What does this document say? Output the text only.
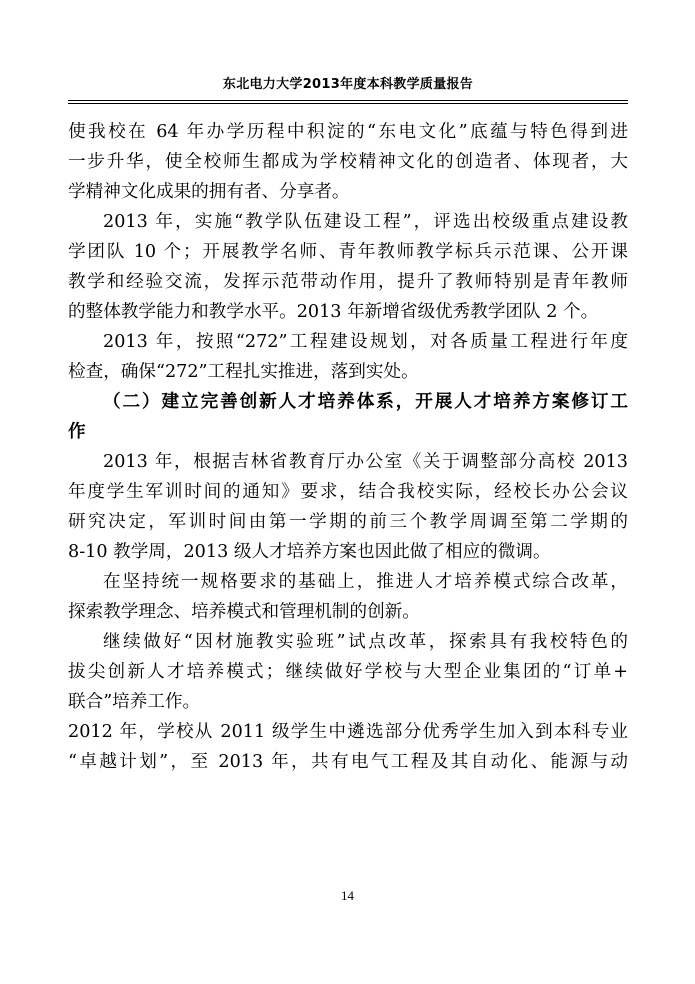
东北电力大学2013年度本科教学质量报告
使我校在 64 年办学历程中积淀的“东电文化”底蕴与特色得到进
一步升华，使全校师生都成为学校精神文化的创造者、体现者，大
学精神文化成果的拥有者、分享者。
2013 年，实施“教学队伍建设工程”，评选出校级重点建设教
学团队 10 个；开展教学名师、青年教师教学标兵示范课、公开课
教学和经验交流，发挥示范带动作用，提升了教师特别是青年教师
的整体教学能力和教学水平。2013 年新增省级优秀教学团队 2 个。
2013 年，按照“272”工程建设规划，对各质量工程进行年度
检查，确保“272”工程扎实推进，落到实处。
（二）建立完善创新人才培养体系，开展人才培养方案修订工
作
2013 年，根据吉林省教育厅办公室《关于调整部分高校 2013
年度学生军训时间的通知》要求，结合我校实际，经校长办公会议
研究决定，军训时间由第一学期的前三个教学周调至第二学期的
8-10 教学周，2013 级人才培养方案也因此做了相应的微调。
在坚持统一规格要求的基础上，推进人才培养模式综合改革，
探索教学理念、培养模式和管理机制的创新。
继续做好“因材施教实验班”试点改革，探索具有我校特色的
拔尖创新人才培养模式；继续做好学校与大型企业集团的“订单+
联合”培养工作。
2012 年，学校从 2011 级学生中遴选部分优秀学生加入到本科专业
“卓越计划”，至 2013 年，共有电气工程及其自动化、能源与动
14
